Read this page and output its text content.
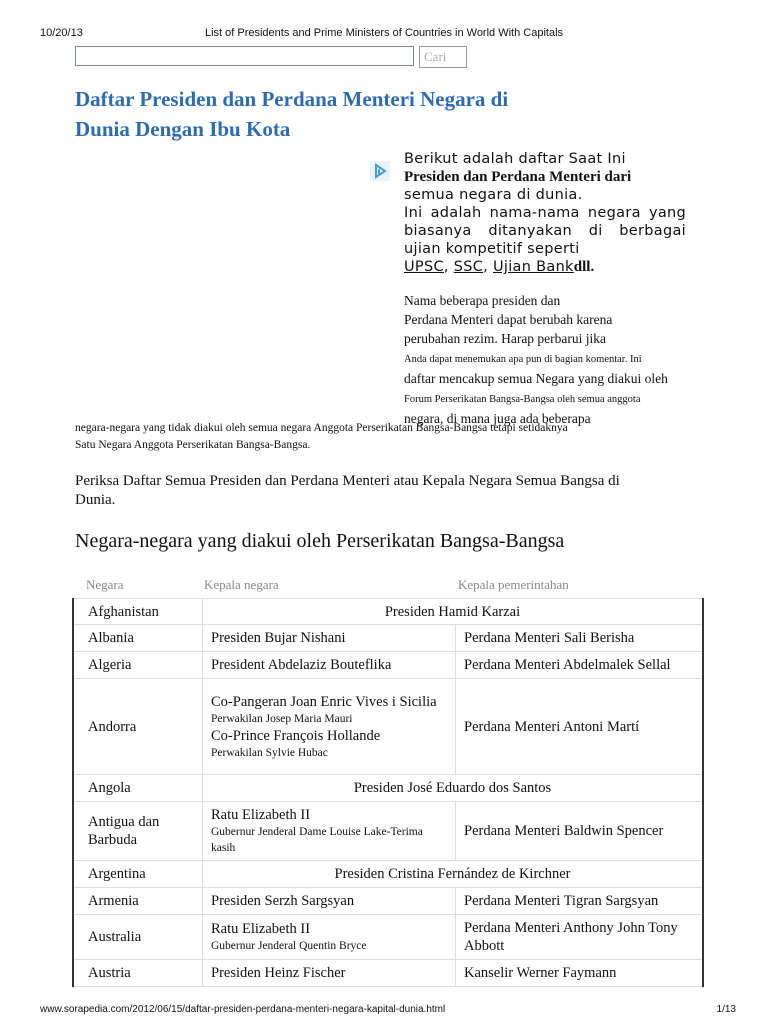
10/20/13	List of Presidents and Prime Ministers of Countries in World With Capitals
Cari
Daftar Presiden dan Perdana Menteri Negara di Dunia Dengan Ibu Kota
Berikut adalah daftar Saat Ini
Presiden dan Perdana Menteri dari
semua negara di dunia.
Ini adalah nama-nama negara yang biasanya ditanyakan di berbagai ujian kompetitif seperti
UPSC, SSC, Ujian Bankdll.
Nama beberapa presiden dan
Perdana Menteri dapat berubah karena
perubahan rezim. Harap perbarui jika
Anda dapat menemukan apa pun di bagian komentar. Ini
daftar mencakup semua Negara yang diakui oleh
Forum Perserikatan Bangsa-Bangsa oleh semua anggota
negara, di mana juga ada beberapa
negara-negara yang tidak diakui oleh semua negara Anggota Perserikatan Bangsa-Bangsa tetapi setidaknya
Satu Negara Anggota Perserikatan Bangsa-Bangsa.
Periksa Daftar Semua Presiden dan Perdana Menteri atau Kepala Negara Semua Bangsa di Dunia.
Negara-negara yang diakui oleh Perserikatan Bangsa-Bangsa
Negara	Kepala negara	Kepala pemerintahan
Afghanistan	Presiden Hamid Karzai	
Albania	Presiden Bujar Nishani	Perdana Menteri Sali Berisha
Algeria	President Abdelaziz Bouteflika	Perdana Menteri Abdelmalek Sellal
Andorra	Co-Pangeran Joan Enric Vives i Sicilia
Perwakilan Josep Maria Mauri
Co-Prince François Hollande
Perwakilan Sylvie Hubac	Perdana Menteri Antoni Martí
Angola	Presiden José Eduardo dos Santos	
Antigua dan Barbuda	Ratu Elizabeth II
Gubernur Jenderal Dame Louise Lake-Terima kasih	Perdana Menteri Baldwin Spencer
Argentina	Presiden Cristina Fernández de Kirchner	
Armenia	Presiden Serzh Sargsyan	Perdana Menteri Tigran Sargsyan
Australia	Ratu Elizabeth II
Gubernur Jenderal Quentin Bryce	Perdana Menteri Anthony John Tony Abbott
Austria	Presiden Heinz Fischer	Kanselir Werner Faymann
www.sorapedia.com/2012/06/15/daftar-presiden-perdana-menteri-negara-kapital-dunia.html	1/13
